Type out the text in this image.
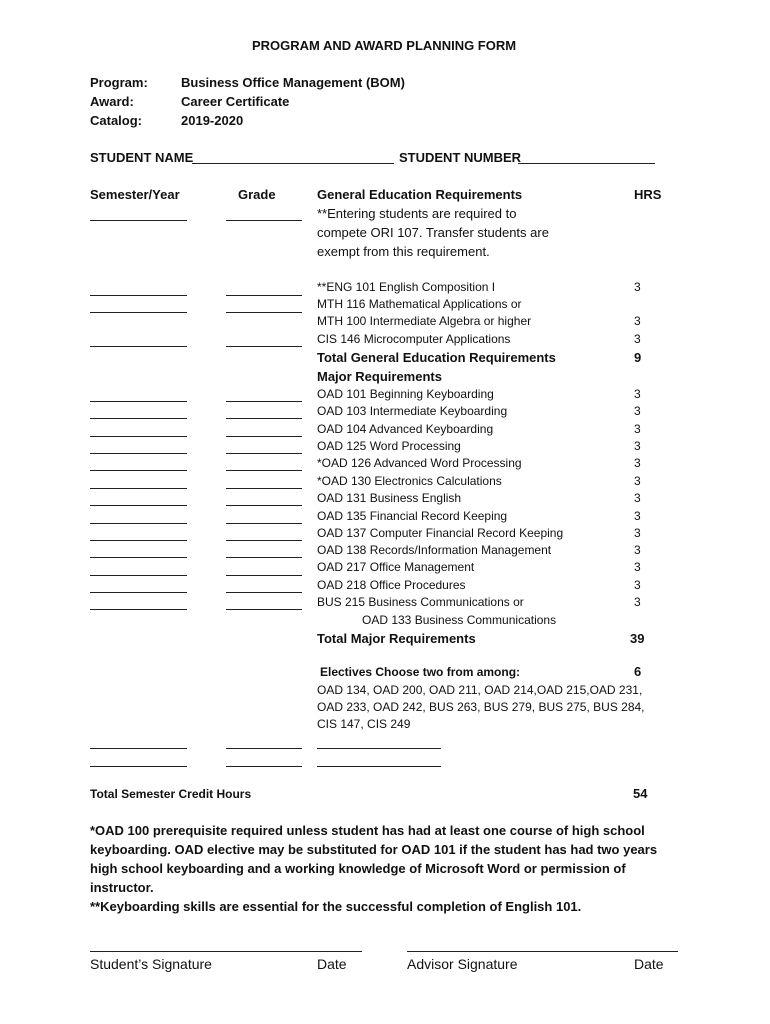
PROGRAM AND AWARD PLANNING FORM
Program:	Business Office Management (BOM)
Award:	Career Certificate
Catalog:	2019-2020
STUDENT NAME	STUDENT NUMBER
Semester/Year	Grade	General Education Requirements	HRS
**Entering students are required to
compete ORI 107. Transfer students are
exempt from this requirement.
**ENG 101 English Composition I	3
MTH 116 Mathematical Applications or
MTH 100 Intermediate Algebra or higher	3
CIS 146 Microcomputer Applications	3
Total General Education Requirements	9
Major Requirements
OAD 101 Beginning Keyboarding	3
OAD 103 Intermediate Keyboarding	3
OAD 104 Advanced Keyboarding	3
OAD 125 Word Processing	3
*OAD 126 Advanced Word Processing	3
*OAD 130 Electronics Calculations	3
OAD 131 Business English	3
OAD 135 Financial Record Keeping	3
OAD 137 Computer Financial Record Keeping	3
OAD 138 Records/Information Management	3
OAD 217 Office Management	3
OAD 218 Office Procedures	3
BUS 215 Business Communications or	3
OAD 133 Business Communications
Total Major Requirements	39
Electives Choose two from among:	6
OAD 134, OAD 200, OAD 211, OAD 214,OAD 215,OAD 231,
OAD 233, OAD 242, BUS 263, BUS 279, BUS 275, BUS 284,
CIS 147, CIS 249
Total Semester Credit Hours	54
*OAD 100 prerequisite required unless student has had at least one course of high school
keyboarding. OAD elective may be substituted for OAD 101 if the student has had two years
high school keyboarding and a working knowledge of Microsoft Word or permission of
instructor.
**Keyboarding skills are essential for the successful completion of English 101.
Student’s Signature	Date	Advisor Signature	Date
